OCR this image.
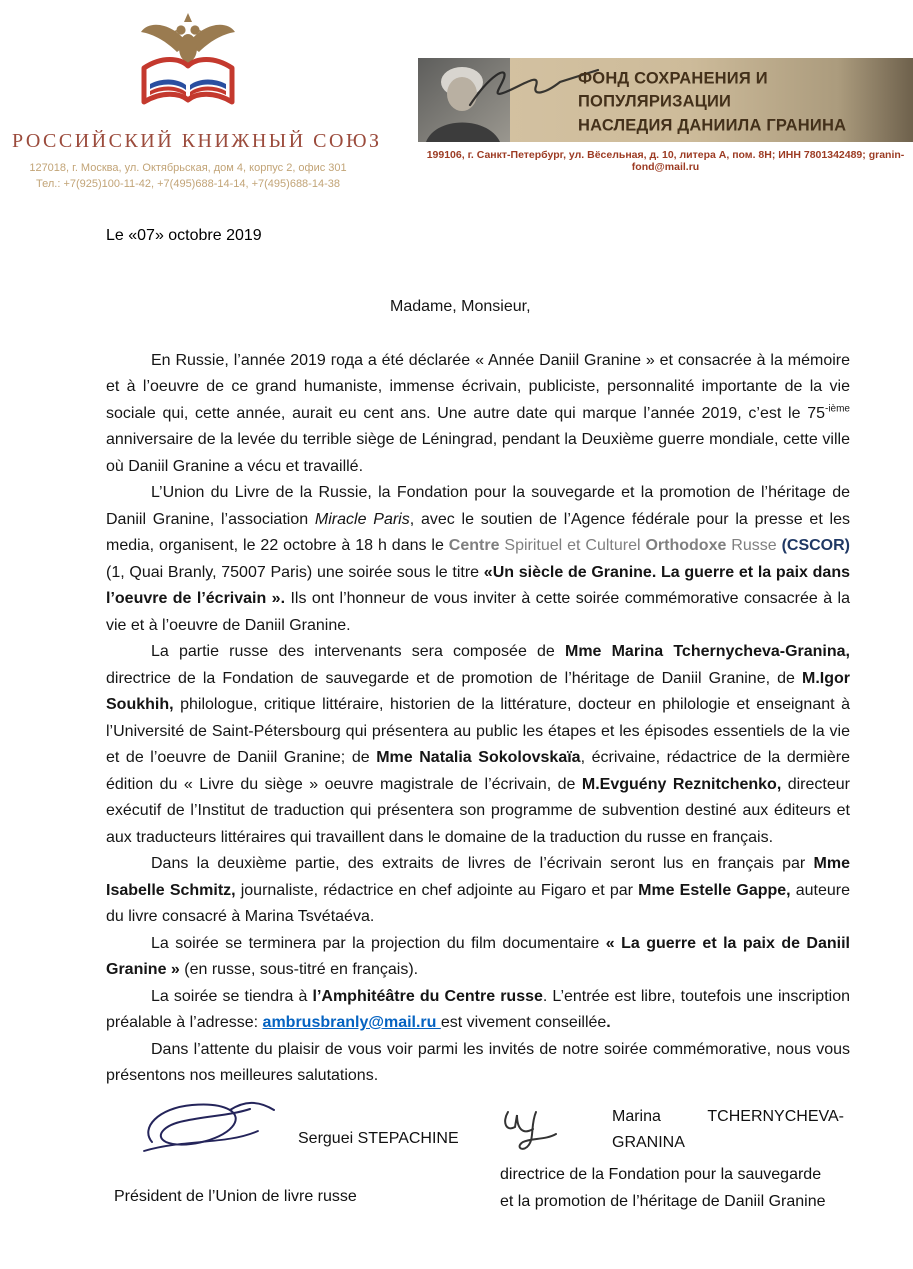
РОССИЙСКИЙ КНИЖНЫЙ СОЮЗ
127018, г. Москва, ул. Октябрьская, дом 4, корпус 2, офис 301
Тел.: +7(925)100-11-42, +7(495)688-14-14, +7(495)688-14-38
ФОНД СОХРАНЕНИЯ И ПОПУЛЯРИЗАЦИИ
НАСЛЕДИЯ ДАНИИЛА ГРАНИНА
199106, г. Санкт-Петербург, ул. Вёсельная, д. 10, литера А, пом. 8Н; ИНН 7801342489; granin-fond@mail.ru
Le «07» octobre 2019
Madame, Monsieur,

En Russie, l’année 2019 года a été déclarée « Année Daniil Granine » et consacrée à la mémoire et à l’oeuvre de ce grand humaniste, immense écrivain, publiciste, personnalité importante de la vie sociale qui, cette année, aurait eu cent ans. Une autre date qui marque l’année 2019, c’est le $75^{-ième}$ anniversaire de la levée du terrible siège de Léningrad, pendant la Deuxième guerre mondiale, cette ville où Daniil Granine a vécu et travaillé.

L’Union du Livre de la Russie, la Fondation pour la souvegarde et la promotion de l’héritage de Daniil Granine, l’association Miracle Paris, avec le soutien de l’Agence fédérale pour la presse et les media, organisent, le 22 octobre à 18 h dans le Centre Spirituel et Culturel Orthodoxe Russe (CSCOR) (1, Quai Branly, 75007 Paris) une soirée sous le titre «Un siècle de Granine. La guerre et la paix dans l’oeuvre de l’écrivain ». Ils ont l’honneur de vous inviter à cette soirée commémorative consacrée à la vie et à l’oeuvre de Daniil Granine.

La partie russe des intervenants sera composée de Mme Marina Tchernycheva-Granina, directrice de la Fondation de sauvegarde et de promotion de l’héritage de Daniil Granine, de M.Igor Soukhih, philologue, critique littéraire, historien de la littérature, docteur en philologie et enseignant à l’Université de Saint-Pétersbourg qui présentera au public les étapes et les épisodes essentiels de la vie et de l’oeuvre de Daniil Granine; de Mme Natalia Sokolovskaïa, écrivaine, rédactrice de la dermière édition du « Livre du siège » oeuvre magistrale de l’écrivain, de M.Evguény Reznitchenko, directeur exécutif de l’Institut de traduction qui présentera son programme de subvention destiné aux éditeurs et aux traducteurs littéraires qui travaillent dans le domaine de la traduction du russe en français.

Dans la deuxième partie, des extraits de livres de l’écrivain seront lus en français par Mme Isabelle Schmitz, journaliste, rédactrice en chef adjointe au Figaro et par Mme Estelle Gappe, auteure du livre consacré à Marina Tsvétaéva.

La soirée se terminera par la projection du film documentaire « La guerre et la paix de Daniil Granine » (en russe, sous-titré en français).

La soirée se tiendra à l’Amphitéâtre du Centre russe. L’entrée est libre, toutefois une inscription préalable à l’adresse: ambrusbranly@mail.ru est vivement conseillée.

Dans l’attente du plaisir de vous voir parmi les invités de notre soirée commémorative, nous vous présentons nos meilleures salutations.

Serguei STEPACHINE
Président de l’Union de livre russe
Marina	TCHERNYCHEVA-
GRANINA
directrice de la Fondation pour la sauvegarde
et la promotion de l’héritage de Daniil Granine
